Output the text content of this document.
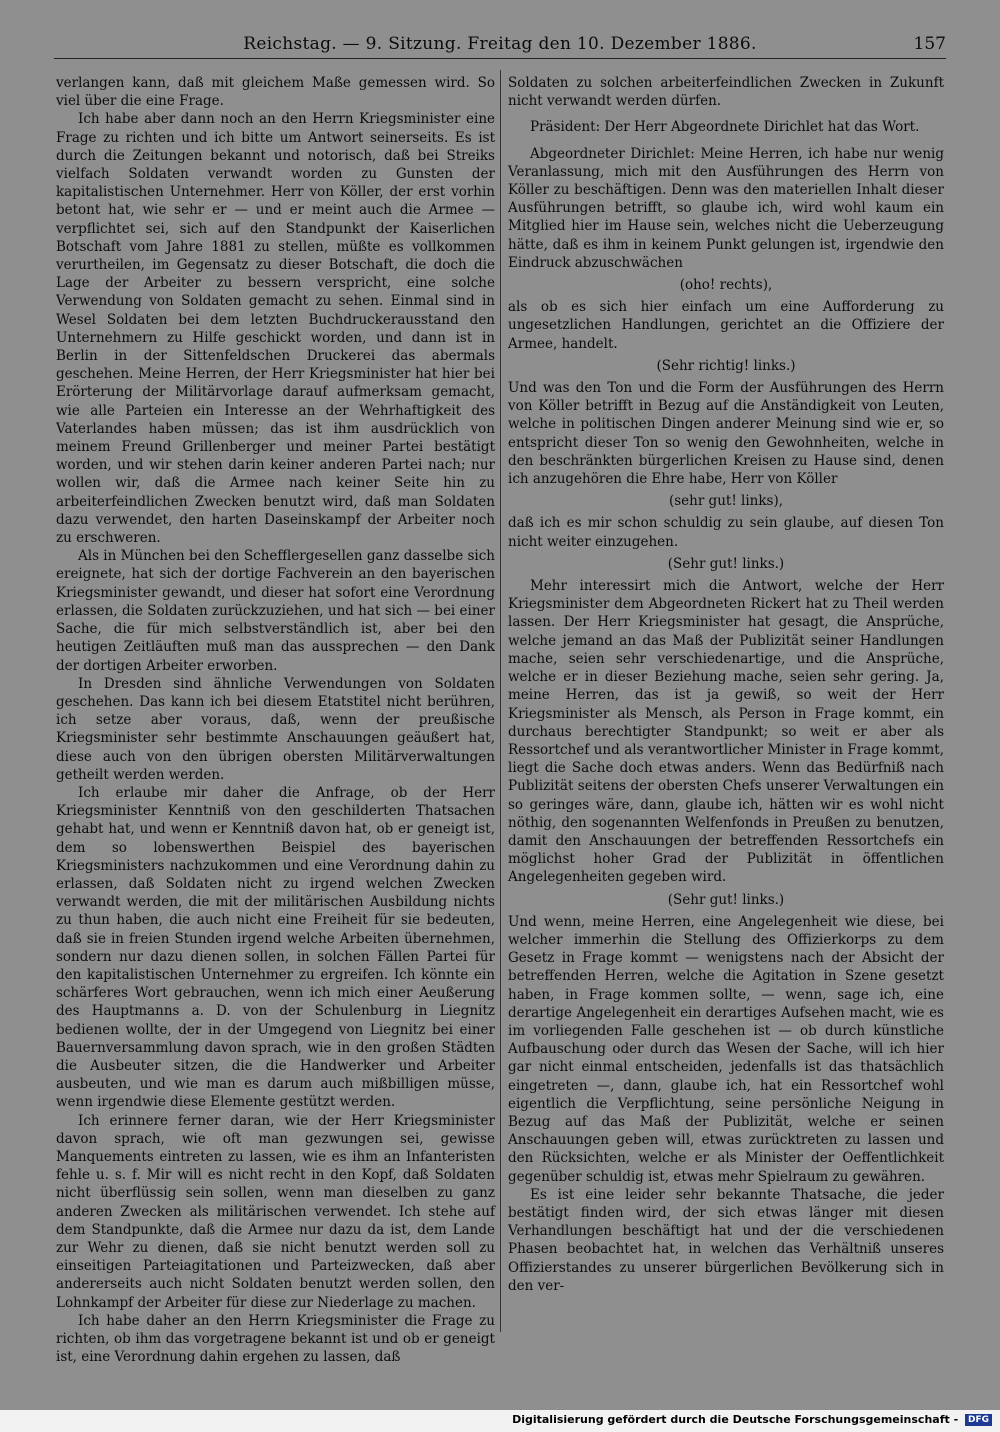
Reichstag. — 9. Sitzung. Freitag den 10. Dezember 1886.	157

verlangen kann, daß mit gleichem Maße gemessen wird. So viel über die eine Frage.

Ich habe aber dann noch an den Herrn Kriegsminister eine Frage zu richten und ich bitte um Antwort seinerseits. Es ist durch die Zeitungen bekannt und notorisch, daß bei Streiks vielfach Soldaten verwandt worden zu Gunsten der kapitalistischen Unternehmer. Herr von Köller, der erst vorhin betont hat, wie sehr er — und er meint auch die Armee — verpflichtet sei, sich auf den Standpunkt der Kaiserlichen Botschaft vom Jahre 1881 zu stellen, müßte es vollkommen verurtheilen, im Gegensatz zu dieser Botschaft, die doch die Lage der Arbeiter zu bessern verspricht, eine solche Verwendung von Soldaten gemacht zu sehen. Einmal sind in Wesel Soldaten bei dem letzten Buchdruckerausstand den Unternehmern zu Hilfe geschickt worden, und dann ist in Berlin in der Sittenfeldschen Druckerei das abermals geschehen. Meine Herren, der Herr Kriegsminister hat hier bei Erörterung der Militärvorlage darauf aufmerksam gemacht, wie alle Parteien ein Interesse an der Wehrhaftigkeit des Vaterlandes haben müssen; das ist ihm ausdrücklich von meinem Freund Grillenberger und meiner Partei bestätigt worden, und wir stehen darin keiner anderen Partei nach; nur wollen wir, daß die Armee nach keiner Seite hin zu arbeiterfeindlichen Zwecken benutzt wird, daß man Soldaten dazu verwendet, den harten Daseinskampf der Arbeiter noch zu erschweren.

Als in München bei den Schefflergesellen ganz dasselbe sich ereignete, hat sich der dortige Fachverein an den bayerischen Kriegsminister gewandt, und dieser hat sofort eine Verordnung erlassen, die Soldaten zurückzuziehen, und hat sich — bei einer Sache, die für mich selbstverständlich ist, aber bei den heutigen Zeitläuften muß man das aussprechen — den Dank der dortigen Arbeiter erworben.

In Dresden sind ähnliche Verwendungen von Soldaten geschehen. Das kann ich bei diesem Etatstitel nicht berühren, ich setze aber voraus, daß, wenn der preußische Kriegsminister sehr bestimmte Anschauungen geäußert hat, diese auch von den übrigen obersten Militärverwaltungen getheilt werden werden.

Ich erlaube mir daher die Anfrage, ob der Herr Kriegsminister Kenntniß von den geschilderten Thatsachen gehabt hat, und wenn er Kenntniß davon hat, ob er geneigt ist, dem so lobenswerthen Beispiel des bayerischen Kriegsministers nachzukommen und eine Verordnung dahin zu erlassen, daß Soldaten nicht zu irgend welchen Zwecken verwandt werden, die mit der militärischen Ausbildung nichts zu thun haben, die auch nicht eine Freiheit für sie bedeuten, daß sie in freien Stunden irgend welche Arbeiten übernehmen, sondern nur dazu dienen sollen, in solchen Fällen Partei für den kapitalistischen Unternehmer zu ergreifen. Ich könnte ein schärferes Wort gebrauchen, wenn ich mich einer Aeußerung des Hauptmanns a. D. von der Schulenburg in Liegnitz bedienen wollte, der in der Umgegend von Liegnitz bei einer Bauernversammlung davon sprach, wie in den großen Städten die Ausbeuter sitzen, die die Handwerker und Arbeiter ausbeuten, und wie man es darum auch mißbilligen müsse, wenn irgendwie diese Elemente gestützt werden.

Ich erinnere ferner daran, wie der Herr Kriegsminister davon sprach, wie oft man gezwungen sei, gewisse Manquements eintreten zu lassen, wie es ihm an Infanteristen fehle u. s. f. Mir will es nicht recht in den Kopf, daß Soldaten nicht überflüssig sein sollen, wenn man dieselben zu ganz anderen Zwecken als militärischen verwendet. Ich stehe auf dem Standpunkte, daß die Armee nur dazu da ist, dem Lande zur Wehr zu dienen, daß sie nicht benutzt werden soll zu einseitigen Parteiagitationen und Parteizwecken, daß aber andererseits auch nicht Soldaten benutzt werden sollen, den Lohnkampf der Arbeiter für diese zur Niederlage zu machen.

Ich habe daher an den Herrn Kriegsminister die Frage zu richten, ob ihm das vorgetragene bekannt ist und ob er geneigt ist, eine Verordnung dahin ergehen zu lassen, daß

Soldaten zu solchen arbeiterfeindlichen Zwecken in Zukunft nicht verwandt werden dürfen.

Präsident: Der Herr Abgeordnete Dirichlet hat das Wort.

Abgeordneter Dirichlet: Meine Herren, ich habe nur wenig Veranlassung, mich mit den Ausführungen des Herrn von Köller zu beschäftigen. Denn was den materiellen Inhalt dieser Ausführungen betrifft, so glaube ich, wird wohl kaum ein Mitglied hier im Hause sein, welches nicht die Ueberzeugung hätte, daß es ihm in keinem Punkt gelungen ist, irgendwie den Eindruck abzuschwächen

(oho! rechts),

als ob es sich hier einfach um eine Aufforderung zu ungesetzlichen Handlungen, gerichtet an die Offiziere der Armee, handelt.

(Sehr richtig! links.)

Und was den Ton und die Form der Ausführungen des Herrn von Köller betrifft in Bezug auf die Anständigkeit von Leuten, welche in politischen Dingen anderer Meinung sind wie er, so entspricht dieser Ton so wenig den Gewohnheiten, welche in den beschränkten bürgerlichen Kreisen zu Hause sind, denen ich anzugehören die Ehre habe, Herr von Köller

(sehr gut! links),

daß ich es mir schon schuldig zu sein glaube, auf diesen Ton nicht weiter einzugehen.

(Sehr gut! links.)

Mehr interessirt mich die Antwort, welche der Herr Kriegsminister dem Abgeordneten Rickert hat zu Theil werden lassen. Der Herr Kriegsminister hat gesagt, die Ansprüche, welche jemand an das Maß der Publizität seiner Handlungen mache, seien sehr verschiedenartige, und die Ansprüche, welche er in dieser Beziehung mache, seien sehr gering. Ja, meine Herren, das ist ja gewiß, so weit der Herr Kriegsminister als Mensch, als Person in Frage kommt, ein durchaus berechtigter Standpunkt; so weit er aber als Ressortchef und als verantwortlicher Minister in Frage kommt, liegt die Sache doch etwas anders. Wenn das Bedürfniß nach Publizität seitens der obersten Chefs unserer Verwaltungen ein so geringes wäre, dann, glaube ich, hätten wir es wohl nicht nöthig, den sogenannten Welfenfonds in Preußen zu benutzen, damit den Anschauungen der betreffenden Ressortchefs ein möglichst hoher Grad der Publizität in öffentlichen Angelegenheiten gegeben wird.

(Sehr gut! links.)

Und wenn, meine Herren, eine Angelegenheit wie diese, bei welcher immerhin die Stellung des Offizierkorps zu dem Gesetz in Frage kommt — wenigstens nach der Absicht der betreffenden Herren, welche die Agitation in Szene gesetzt haben, in Frage kommen sollte, — wenn, sage ich, eine derartige Angelegenheit ein derartiges Aufsehen macht, wie es im vorliegenden Falle geschehen ist — ob durch künstliche Aufbauschung oder durch das Wesen der Sache, will ich hier gar nicht einmal entscheiden, jedenfalls ist das thatsächlich eingetreten —, dann, glaube ich, hat ein Ressortchef wohl eigentlich die Verpflichtung, seine persönliche Neigung in Bezug auf das Maß der Publizität, welche er seinen Anschauungen geben will, etwas zurücktreten zu lassen und den Rücksichten, welche er als Minister der Oeffentlichkeit gegenüber schuldig ist, etwas mehr Spielraum zu gewähren.

Es ist eine leider sehr bekannte Thatsache, die jeder bestätigt finden wird, der sich etwas länger mit diesen Verhandlungen beschäftigt hat und der die verschiedenen Phasen beobachtet hat, in welchen das Verhältniß unseres Offizierstandes zu unserer bürgerlichen Bevölkerung sich in den ver-

Digitalisierung gefördert durch die Deutsche Forschungsgemeinschaft - DFG
